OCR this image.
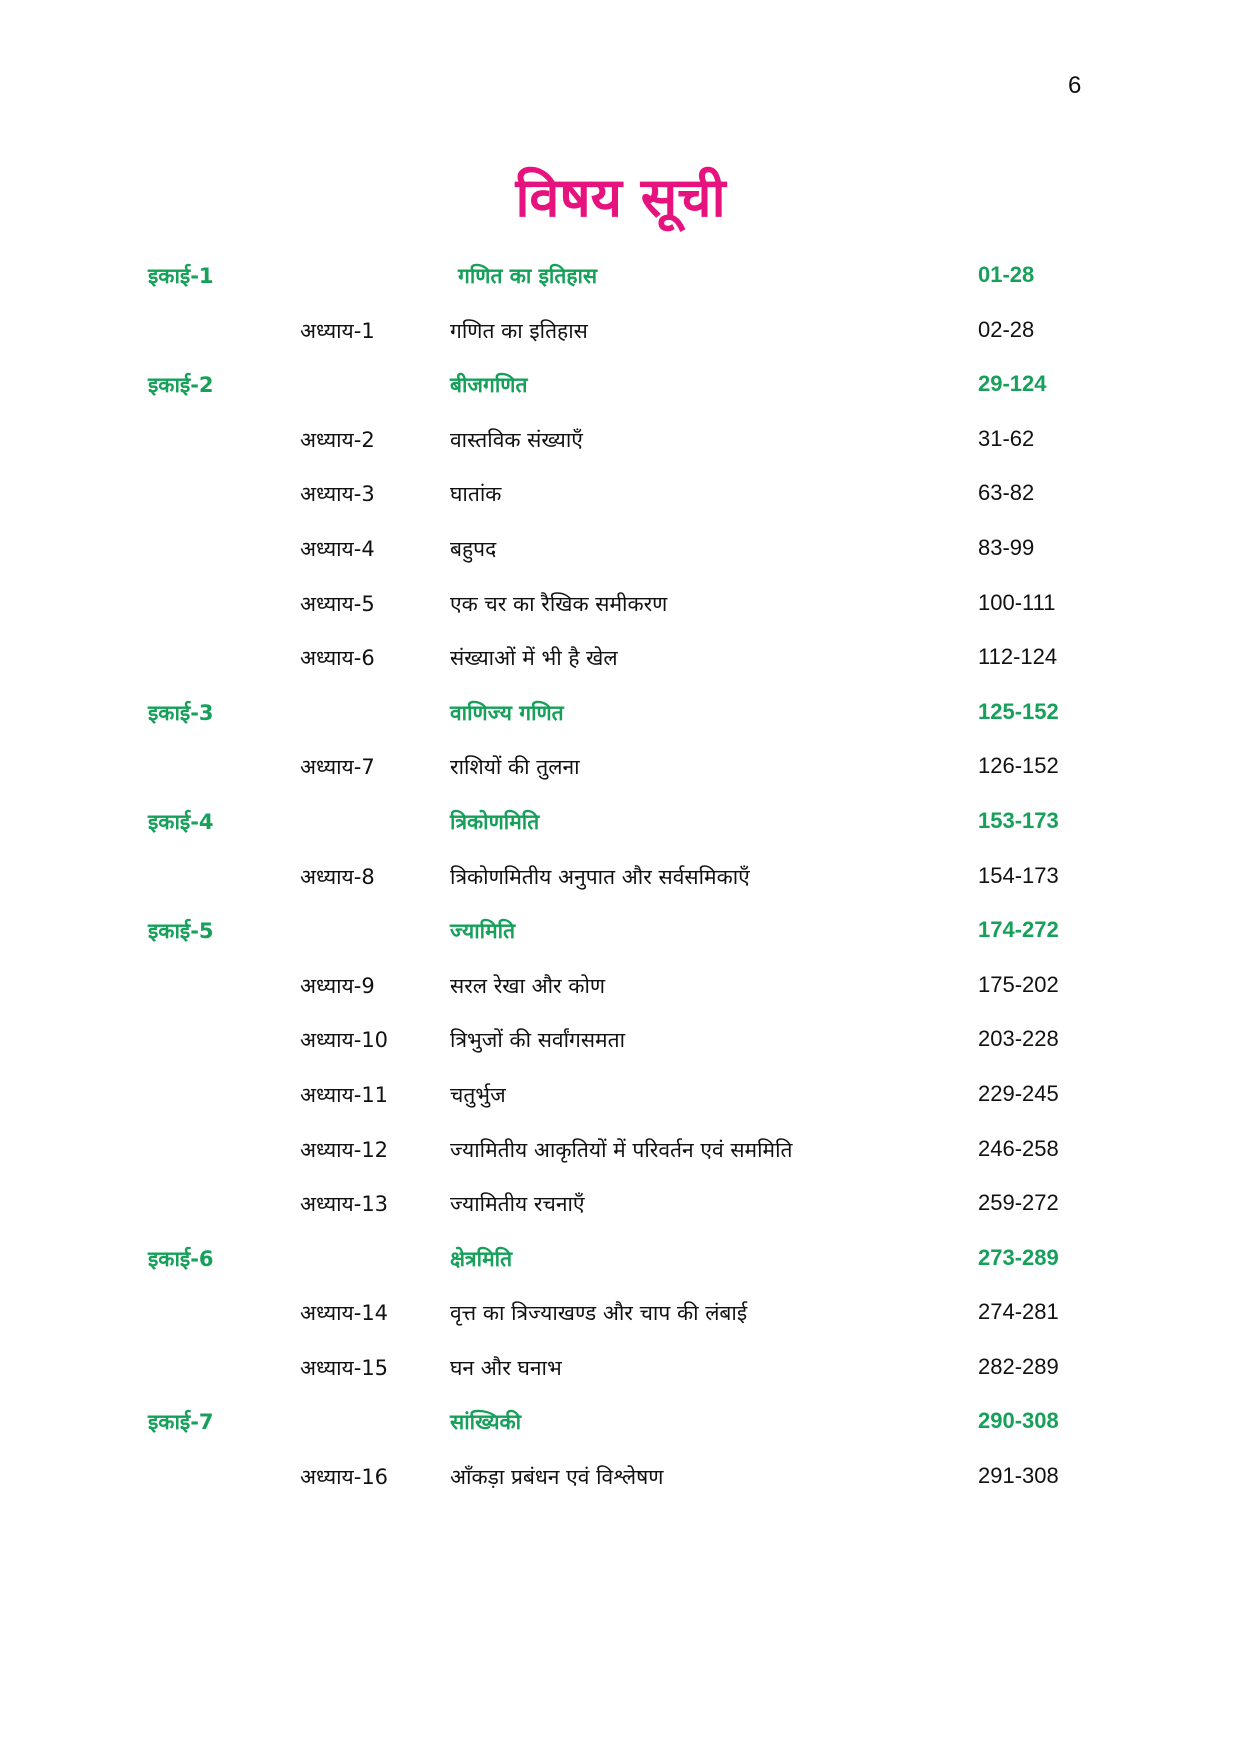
6
विषय सूची
इकाई-1	गणित का इतिहास	01-28
अध्याय-1	गणित का इतिहास	02-28
इकाई-2	बीजगणित	29-124
अध्याय-2	वास्तविक संख्याएँ	31-62
अध्याय-3	घातांक	63-82
अध्याय-4	बहुपद	83-99
अध्याय-5	एक चर का रैखिक समीकरण	100-111
अध्याय-6	संख्याओं में भी है खेल	112-124
इकाई-3	वाणिज्य गणित	125-152
अध्याय-7	राशियों की तुलना	126-152
इकाई-4	त्रिकोणमिति	153-173
अध्याय-8	त्रिकोणमितीय अनुपात और सर्वसमिकाएँ	154-173
इकाई-5	ज्यामिति	174-272
अध्याय-9	सरल रेखा और कोण	175-202
अध्याय-10	त्रिभुजों की सर्वांगसमता	203-228
अध्याय-11	चतुर्भुज	229-245
अध्याय-12	ज्यामितीय आकृतियों में परिवर्तन एवं सममिति	246-258
अध्याय-13	ज्यामितीय रचनाएँ	259-272
इकाई-6	क्षेत्रमिति	273-289
अध्याय-14	वृत्त का त्रिज्याखण्ड और चाप की लंबाई	274-281
अध्याय-15	घन और घनाभ	282-289
इकाई-7	सांख्यिकी	290-308
अध्याय-16	आँकड़ा प्रबंधन एवं विश्लेषण	291-308
